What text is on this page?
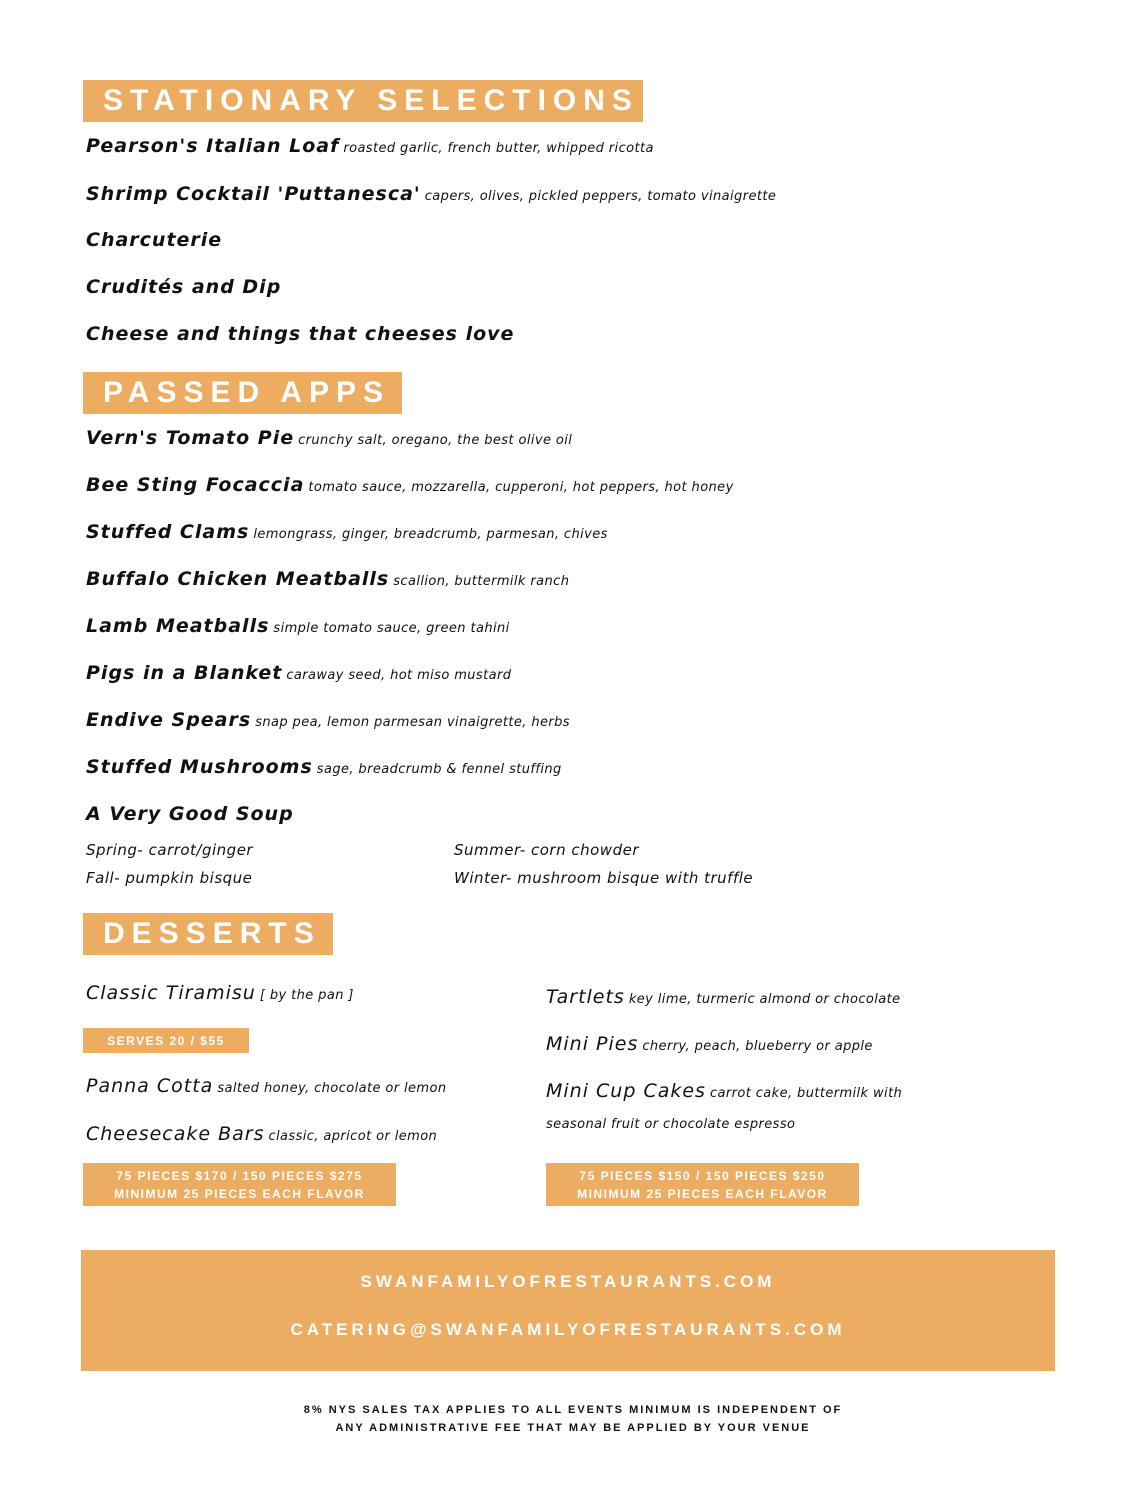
STATIONARY SELECTIONS
Pearson's Italian Loaf roasted garlic, french butter, whipped ricotta
Shrimp Cocktail 'Puttanesca' capers, olives, pickled peppers, tomato vinaigrette
Charcuterie
Crudités and Dip
Cheese and things that cheeses love
PASSED APPS
Vern's Tomato Pie crunchy salt, oregano, the best olive oil
Bee Sting Focaccia tomato sauce, mozzarella, cupperoni, hot peppers, hot honey
Stuffed Clams lemongrass, ginger, breadcrumb, parmesan, chives
Buffalo Chicken Meatballs scallion, buttermilk ranch
Lamb Meatballs simple tomato sauce, green tahini
Pigs in a Blanket caraway seed, hot miso mustard
Endive Spears snap pea, lemon parmesan vinaigrette, herbs
Stuffed Mushrooms sage, breadcrumb & fennel stuffing
A Very Good Soup
Spring- carrot/ginger	Summer- corn chowder
Fall- pumpkin bisque	Winter- mushroom bisque with truffle
DESSERTS
Classic Tiramisu [ by the pan ]
SERVES 20 / $55
Panna Cotta salted honey, chocolate or lemon
Cheesecake Bars classic, apricot or lemon
75 PIECES $170 / 150 PIECES $275
MINIMUM 25 PIECES EACH FLAVOR
Tartlets key lime, turmeric almond or chocolate
Mini Pies cherry, peach, blueberry or apple
Mini Cup Cakes carrot cake, buttermilk with
seasonal fruit or chocolate espresso
75 PIECES $150 / 150 PIECES $250
MINIMUM 25 PIECES EACH FLAVOR
SWANFAMILYOFRESTAURANTS.COM
CATERING@SWANFAMILYOFRESTAURANTS.COM
8% NYS SALES TAX APPLIES TO ALL EVENTS MINIMUM IS INDEPENDENT OF
ANY ADMINISTRATIVE FEE THAT MAY BE APPLIED BY YOUR VENUE
